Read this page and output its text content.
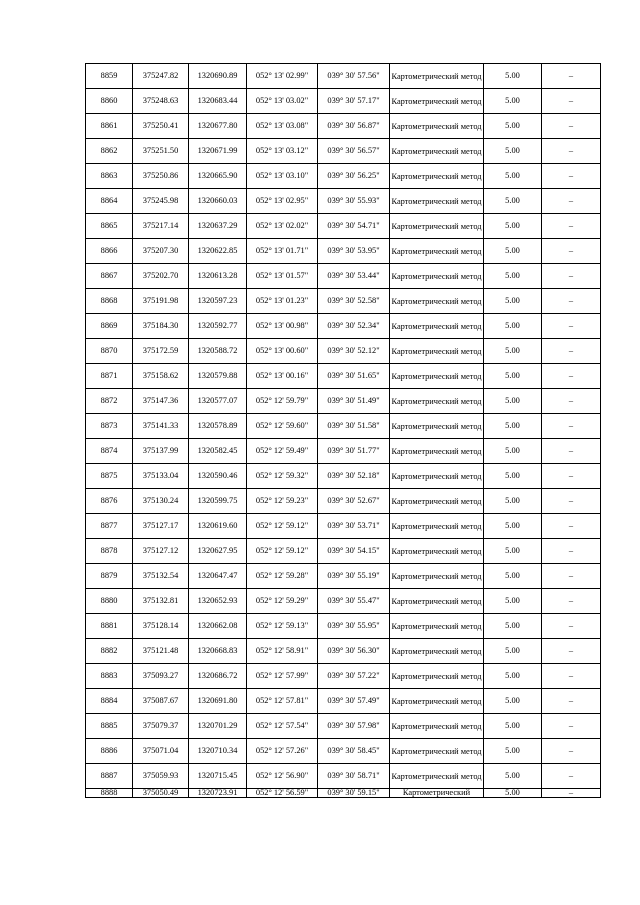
8859	375247.82	1320690.89	052° 13' 02.99"	039° 30' 57.56"	Картометрический метод	5.00	–
8860	375248.63	1320683.44	052° 13' 03.02"	039° 30' 57.17"	Картометрический метод	5.00	–
8861	375250.41	1320677.80	052° 13' 03.08"	039° 30' 56.87"	Картометрический метод	5.00	–
8862	375251.50	1320671.99	052° 13' 03.12"	039° 30' 56.57"	Картометрический метод	5.00	–
8863	375250.86	1320665.90	052° 13' 03.10"	039° 30' 56.25"	Картометрический метод	5.00	–
8864	375245.98	1320660.03	052° 13' 02.95"	039° 30' 55.93"	Картометрический метод	5.00	–
8865	375217.14	1320637.29	052° 13' 02.02"	039° 30' 54.71"	Картометрический метод	5.00	–
8866	375207.30	1320622.85	052° 13' 01.71"	039° 30' 53.95"	Картометрический метод	5.00	–
8867	375202.70	1320613.28	052° 13' 01.57"	039° 30' 53.44"	Картометрический метод	5.00	–
8868	375191.98	1320597.23	052° 13' 01.23"	039° 30' 52.58"	Картометрический метод	5.00	–
8869	375184.30	1320592.77	052° 13' 00.98"	039° 30' 52.34"	Картометрический метод	5.00	–
8870	375172.59	1320588.72	052° 13' 00.60"	039° 30' 52.12"	Картометрический метод	5.00	–
8871	375158.62	1320579.88	052° 13' 00.16"	039° 30' 51.65"	Картометрический метод	5.00	–
8872	375147.36	1320577.07	052° 12' 59.79"	039° 30' 51.49"	Картометрический метод	5.00	–
8873	375141.33	1320578.89	052° 12' 59.60"	039° 30' 51.58"	Картометрический метод	5.00	–
8874	375137.99	1320582.45	052° 12' 59.49"	039° 30' 51.77"	Картометрический метод	5.00	–
8875	375133.04	1320590.46	052° 12' 59.32"	039° 30' 52.18"	Картометрический метод	5.00	–
8876	375130.24	1320599.75	052° 12' 59.23"	039° 30' 52.67"	Картометрический метод	5.00	–
8877	375127.17	1320619.60	052° 12' 59.12"	039° 30' 53.71"	Картометрический метод	5.00	–
8878	375127.12	1320627.95	052° 12' 59.12"	039° 30' 54.15"	Картометрический метод	5.00	–
8879	375132.54	1320647.47	052° 12' 59.28"	039° 30' 55.19"	Картометрический метод	5.00	–
8880	375132.81	1320652.93	052° 12' 59.29"	039° 30' 55.47"	Картометрический метод	5.00	–
8881	375128.14	1320662.08	052° 12' 59.13"	039° 30' 55.95"	Картометрический метод	5.00	–
8882	375121.48	1320668.83	052° 12' 58.91"	039° 30' 56.30"	Картометрический метод	5.00	–
8883	375093.27	1320686.72	052° 12' 57.99"	039° 30' 57.22"	Картометрический метод	5.00	–
8884	375087.67	1320691.80	052° 12' 57.81"	039° 30' 57.49"	Картометрический метод	5.00	–
8885	375079.37	1320701.29	052° 12' 57.54"	039° 30' 57.98"	Картометрический метод	5.00	–
8886	375071.04	1320710.34	052° 12' 57.26"	039° 30' 58.45"	Картометрический метод	5.00	–
8887	375059.93	1320715.45	052° 12' 56.90"	039° 30' 58.71"	Картометрический метод	5.00	–
8888	375050.49	1320723.91	052° 12' 56.59"	039° 30' 59.15"	Картометрический	5.00	–
